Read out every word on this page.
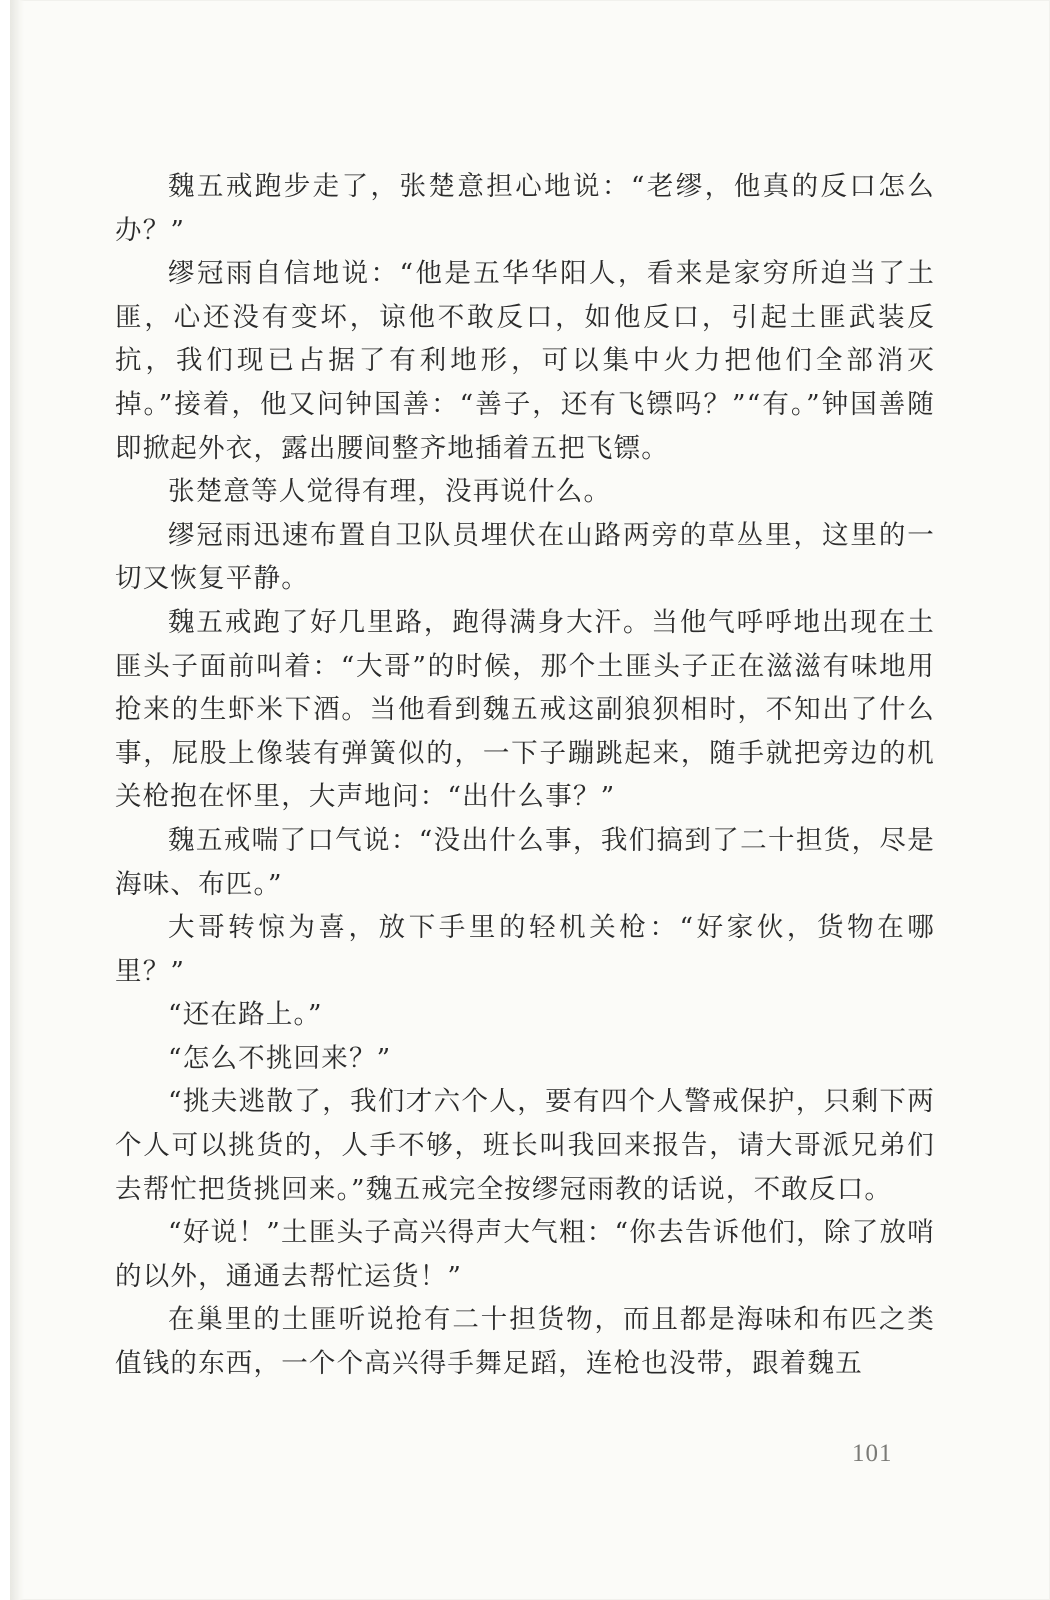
魏五戒跑步走了，张楚意担心地说：“老缪，他真的反口怎么办？”

缪冠雨自信地说：“他是五华华阳人，看来是家穷所迫当了土匪，心还没有变坏，谅他不敢反口，如他反口，引起土匪武装反抗，我们现已占据了有利地形，可以集中火力把他们全部消灭掉。”接着，他又问钟国善：“善子，还有飞镖吗？”“有。”钟国善随即掀起外衣，露出腰间整齐地插着五把飞镖。

张楚意等人觉得有理，没再说什么。

缪冠雨迅速布置自卫队员埋伏在山路两旁的草丛里，这里的一切又恢复平静。

魏五戒跑了好几里路，跑得满身大汗。当他气呼呼地出现在土匪头子面前叫着：“大哥”的时候，那个土匪头子正在滋滋有味地用抢来的生虾米下酒。当他看到魏五戒这副狼狈相时，不知出了什么事，屁股上像装有弹簧似的，一下子蹦跳起来，随手就把旁边的机关枪抱在怀里，大声地问：“出什么事？”

魏五戒喘了口气说：“没出什么事，我们搞到了二十担货，尽是海味、布匹。”

大哥转惊为喜，放下手里的轻机关枪：“好家伙，货物在哪里？”

“还在路上。”

“怎么不挑回来？”

“挑夫逃散了，我们才六个人，要有四个人警戒保护，只剩下两个人可以挑货的，人手不够，班长叫我回来报告，请大哥派兄弟们去帮忙把货挑回来。”魏五戒完全按缪冠雨教的话说，不敢反口。

“好说！”土匪头子高兴得声大气粗：“你去告诉他们，除了放哨的以外，通通去帮忙运货！”

在巢里的土匪听说抢有二十担货物，而且都是海味和布匹之类值钱的东西，一个个高兴得手舞足蹈，连枪也没带，跟着魏五

101
